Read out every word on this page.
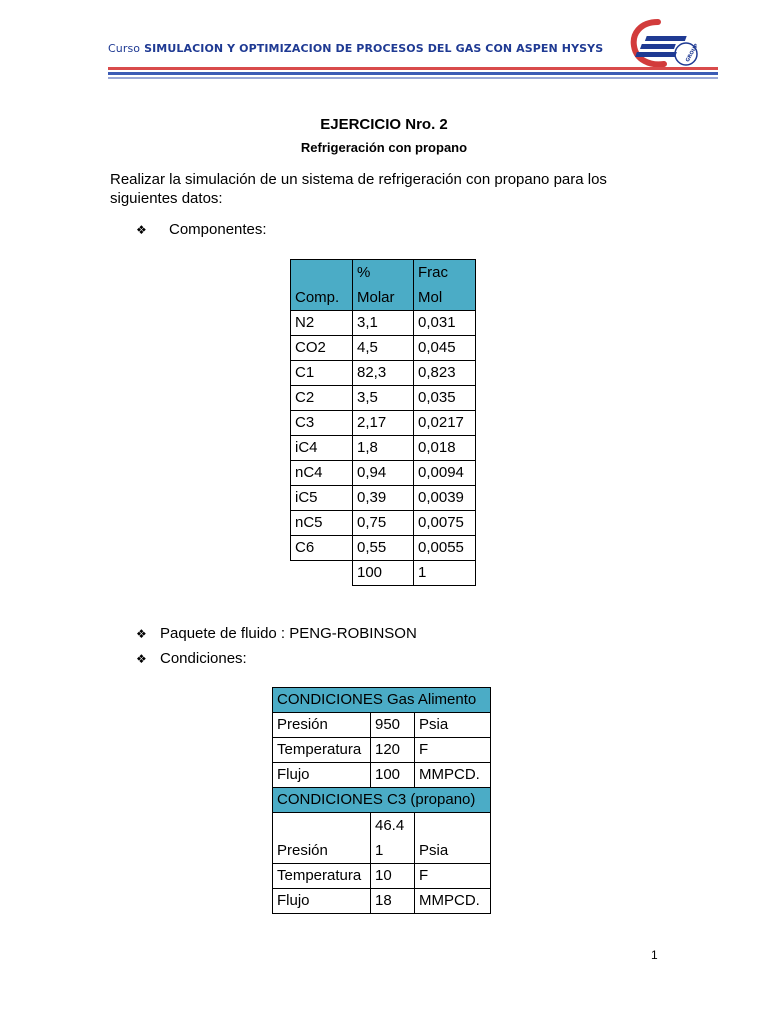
Curso SIMULACION Y OPTIMIZACION DE PROCESOS DEL GAS CON ASPEN HYSYS	GROUP
EJERCICIO Nro. 2
Refrigeración con propano
Realizar la simulación de un sistema de refrigeración con propano para los siguientes datos:
❖	Componentes:
Comp.	% Molar	Frac Mol
N2	3,1	0,031
CO2	4,5	0,045
C1	82,3	0,823
C2	3,5	0,035
C3	2,17	0,0217
iC4	1,8	0,018
nC4	0,94	0,0094
iC5	0,39	0,0039
nC5	0,75	0,0075
C6	0,55	0,0055
	100	1
❖ Paquete de fluido : PENG-ROBINSON
❖ Condiciones:
CONDICIONES Gas Alimento		
Presión	950	Psia
Temperatura	120	F
Flujo	100	MMPCD.
CONDICIONES C3 (propano)		
Presión	46.4 1	Psia
Temperatura	10	F
Flujo	18	MMPCD.
1
